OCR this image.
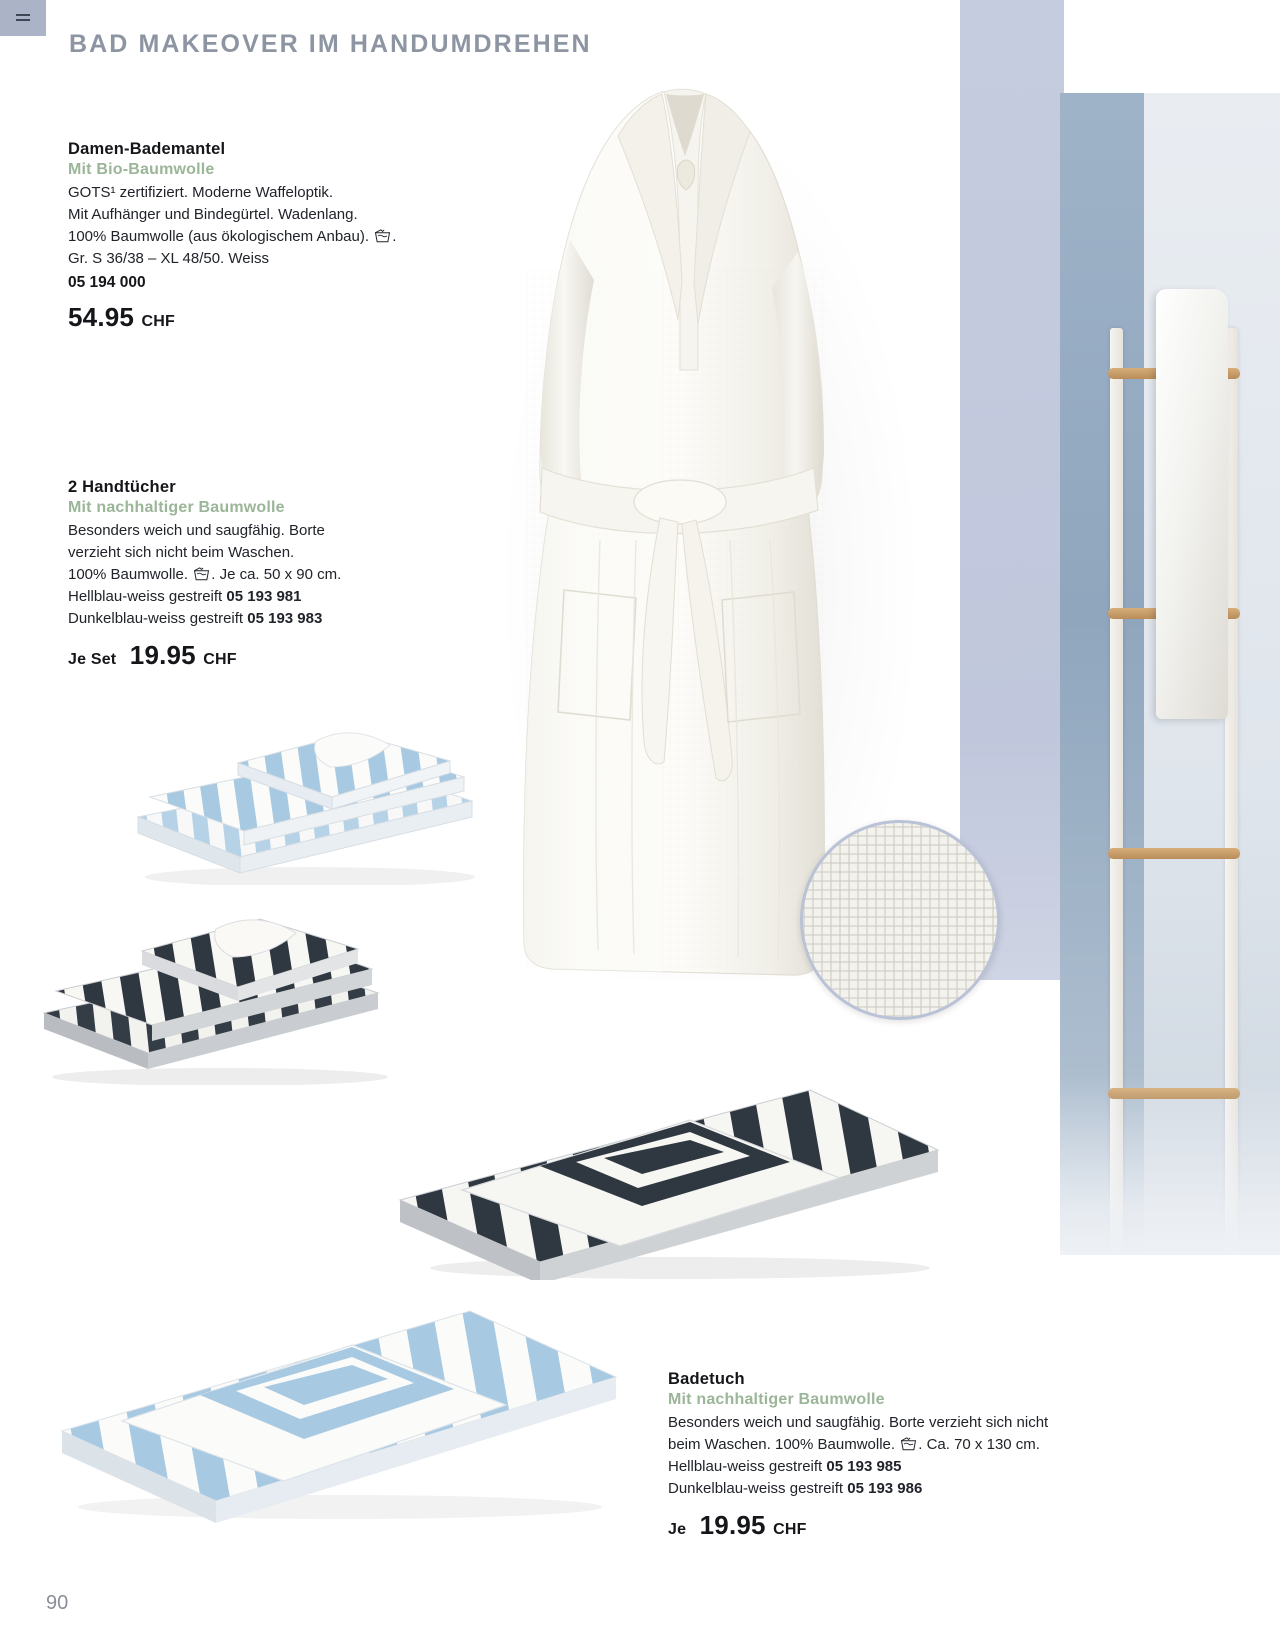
BAD MAKEOVER IM HANDUMDREHEN
Damen-Bademantel
Mit Bio-Baumwolle
GOTS¹ zertifiziert. Moderne Waffeloptik.
Mit Aufhänger und Bindegürtel. Wadenlang.
100% Baumwolle (aus ökologischem Anbau). .
Gr. S 36/38 – XL 48/50. Weiss
05 194 000
54.95 CHF
2 Handtücher
Mit nachhaltiger Baumwolle
Besonders weich und saugfähig. Borte
verzieht sich nicht beim Waschen.
100% Baumwolle. . Je ca. 50 x 90 cm.
Hellblau-weiss gestreift 05 193 981
Dunkelblau-weiss gestreift 05 193 983
Je Set 19.95 CHF
Badetuch
Mit nachhaltiger Baumwolle
Besonders weich und saugfähig. Borte verzieht sich nicht
beim Waschen. 100% Baumwolle. . Ca. 70 x 130 cm.
Hellblau-weiss gestreift 05 193 985
Dunkelblau-weiss gestreift 05 193 986
Je 19.95 CHF
90
